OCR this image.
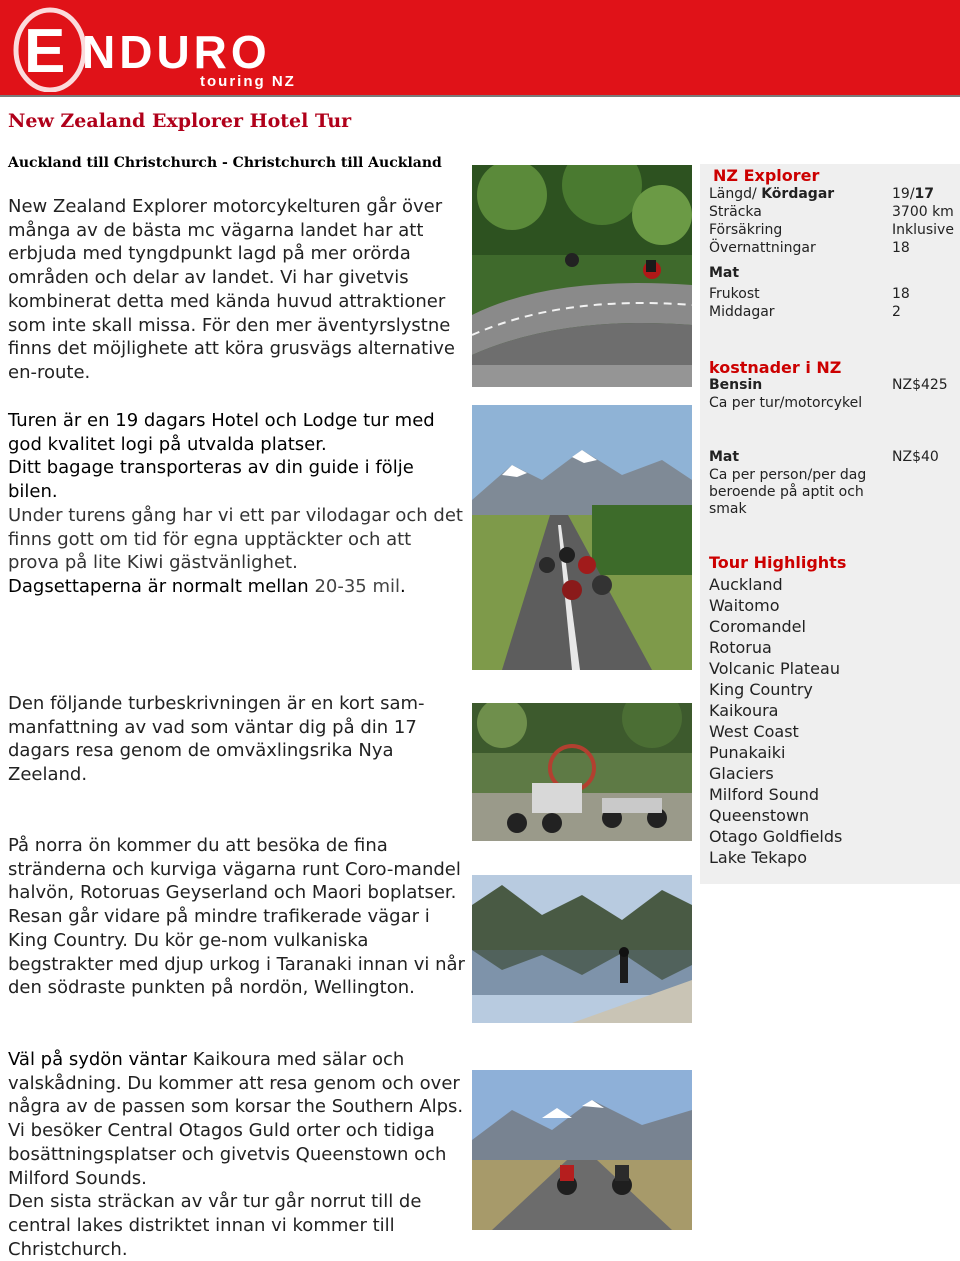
E NDURO
touring NZ
New Zealand Explorer Hotel Tur
Auckland till Christchurch - Christchurch till Auckland
New Zealand Explorer motorcykelturen går över många av de bästa mc vägarna landet har att erbjuda med tyngdpunkt lagd på mer orörda områden och delar av landet. Vi har givetvis kombinerat detta med kända huvud attraktioner som inte skall missa. För den mer äventyrslystne finns det möjlighete att köra grusvägs alternative en-route.
Turen är en 19 dagars Hotel och Lodge tur med god kvalitet logi på utvalda platser.
Ditt bagage transporteras av din guide i följe bilen.
Under turens gång har vi ett par vilodagar och det finns gott om tid för egna upptäckter och att prova på lite Kiwi gästvänlighet.
Dagsettaperna är normalt mellan 20-35 mil.
Den följande turbeskrivningen är en kort sam-manfattning av vad som väntar dig på din 17 dagars resa genom de omväxlingsrika Nya Zeeland.
På norra ön kommer du att besöka de fina stränderna och kurviga vägarna runt Coro-mandel halvön, Rotoruas Geyserland och Maori boplatser. Resan går vidare på mindre trafikerade vägar i King Country. Du kör ge-nom vulkaniska begstrakter med djup urkog i Taranaki innan vi når den södraste punkten på nordön, Wellington.
Väl på sydön väntar Kaikoura med sälar och valskådning. Du kommer att resa genom och over några av de passen som korsar the Southern Alps. Vi besöker Central Otagos Guld orter och tidiga bosättningsplatser och givetvis Queenstown och Milford Sounds.
Den sista sträckan av vår tur går norrut till de central lakes distriktet innan vi kommer till Christchurch.
NZ Explorer
Längd/ Kördagar	19/17
Sträcka	3700 km
Försäkring	Inklusive
Övernattningar	18
Mat
Frukost	18
Middagar	2
kostnader i NZ
Bensin	NZ$425
Ca per tur/motorcykel
Mat	NZ$40
Ca per person/per dag beroende på aptit och smak
Tour Highlights
Auckland
Waitomo
Coromandel
Rotorua
Volcanic Plateau
King Country
Kaikoura
West Coast
Punakaiki
Glaciers
Milford Sound
Queenstown
Otago Goldfields
Lake Tekapo
